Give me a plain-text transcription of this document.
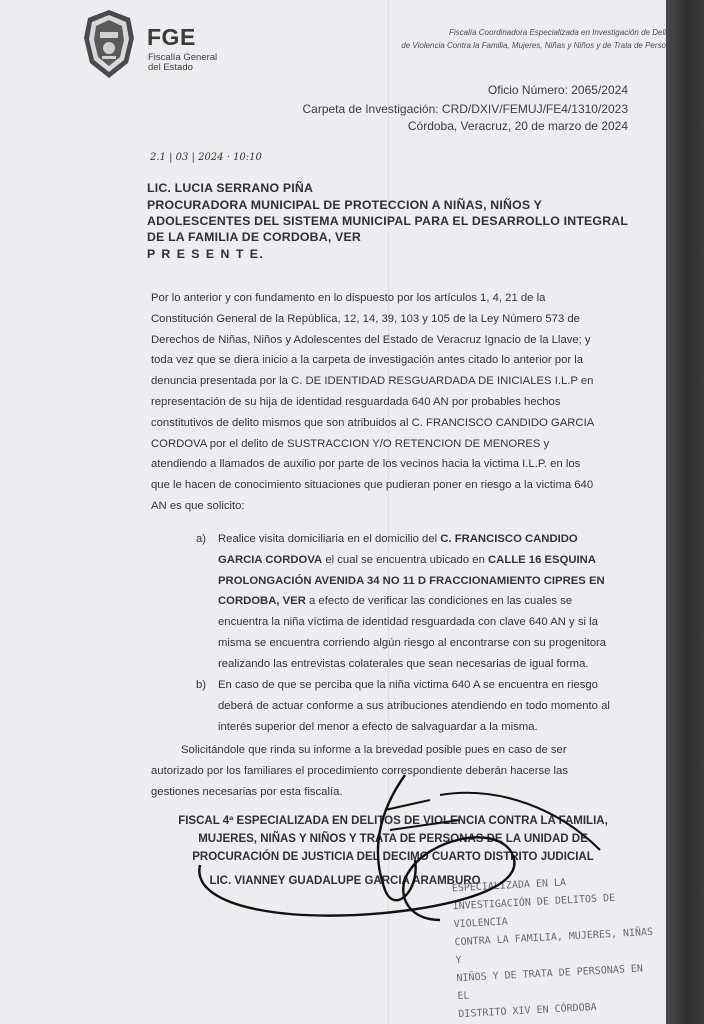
FGE
Fiscalía General
del Estado
Fiscalía Coordinadora Especializada en Investigación de Deli
de Violencia Contra la Familia, Mujeres, Niñas y Niños y de Trata de Perso
Oficio Número: 2065/2024
Carpeta de Investigación: CRD/DXIV/FEMUJ/FE4/1310/2023
Córdoba, Veracruz, 20 de marzo de 2024
2.1 | 03 | 2024 · 10:10
LIC. LUCIA SERRANO PIÑA
PROCURADORA MUNICIPAL DE PROTECCION A NIÑAS, NIÑOS Y
ADOLESCENTES DEL SISTEMA MUNICIPAL PARA EL DESARROLLO INTEGRAL
DE LA FAMILIA DE CORDOBA, VER
P R E S E N T E.
Por lo anterior y con fundamento en lo dispuesto por los artículos 1, 4, 21 de la
Constitución General de la República, 12, 14, 39, 103 y 105 de la Ley Número 573 de
Derechos de Niñas, Niños y Adolescentes del Estado de Veracruz Ignacio de la Llave; y
toda vez que se diera inicio a la carpeta de investigación antes citado lo anterior por la
denuncia presentada por la C. DE IDENTIDAD RESGUARDADA DE INICIALES I.L.P en
representación de su hija de identidad resguardada 640 AN por probables hechos
constitutivos de delito mismos que son atribuidos al C. FRANCISCO CANDIDO GARCIA
CORDOVA por el delito de SUSTRACCION Y/O RETENCION DE MENORES y
atendiendo a llamados de auxilio por parte de los vecinos hacia la victima I.L.P. en los
que le hacen de conocimiento situaciones que pudieran poner en riesgo a la victima 640
AN es que solicito:
a) Realice visita domiciliaria en el domicilio del C. FRANCISCO CANDIDO
GARCIA CORDOVA el cual se encuentra ubicado en CALLE 16 ESQUINA
PROLONGACIÓN AVENIDA 34 NO 11 D FRACCIONAMIENTO CIPRES EN
CORDOBA, VER a efecto de verificar las condiciones en las cuales se
encuentra la niña víctima de identidad resguardada con clave 640 AN y si la
misma se encuentra corriendo algún riesgo al encontrarse con su progenitora
realizando las entrevistas colaterales que sean necesarias de igual forma.
b) En caso de que se perciba que la niña victima 640 A se encuentra en riesgo
deberá de actuar conforme a sus atribuciones atendiendo en todo momento al
interés superior del menor a efecto de salvaguardar a la misma.
Solicitándole que rinda su informe a la brevedad posible pues en caso de ser
autorizado por los familiares el procedimiento correspondiente deberán hacerse las
gestiones necesarias por esta fiscalía.
FISCAL 4ª ESPECIALIZADA EN DELITOS DE VIOLENCIA CONTRA LA FAMILIA,
MUJERES, NIÑAS Y NIÑOS Y TRATA DE PERSONAS DE LA UNIDAD DE
PROCURACIÓN DE JUSTICIA DEL DECIMO CUARTO DISTRITO JUDICIAL
LIC. VIANNEY GUADALUPE GARCIA ARAMBURO
ESPECIALIZADA EN LA
INVESTIGACIÓN DE DELITOS DE VIOLENCIA
CONTRA LA FAMILIA, MUJERES, NIÑAS Y
NIÑOS Y DE TRATA DE PERSONAS EN EL
DISTRITO XIV EN CÓRDOBA
